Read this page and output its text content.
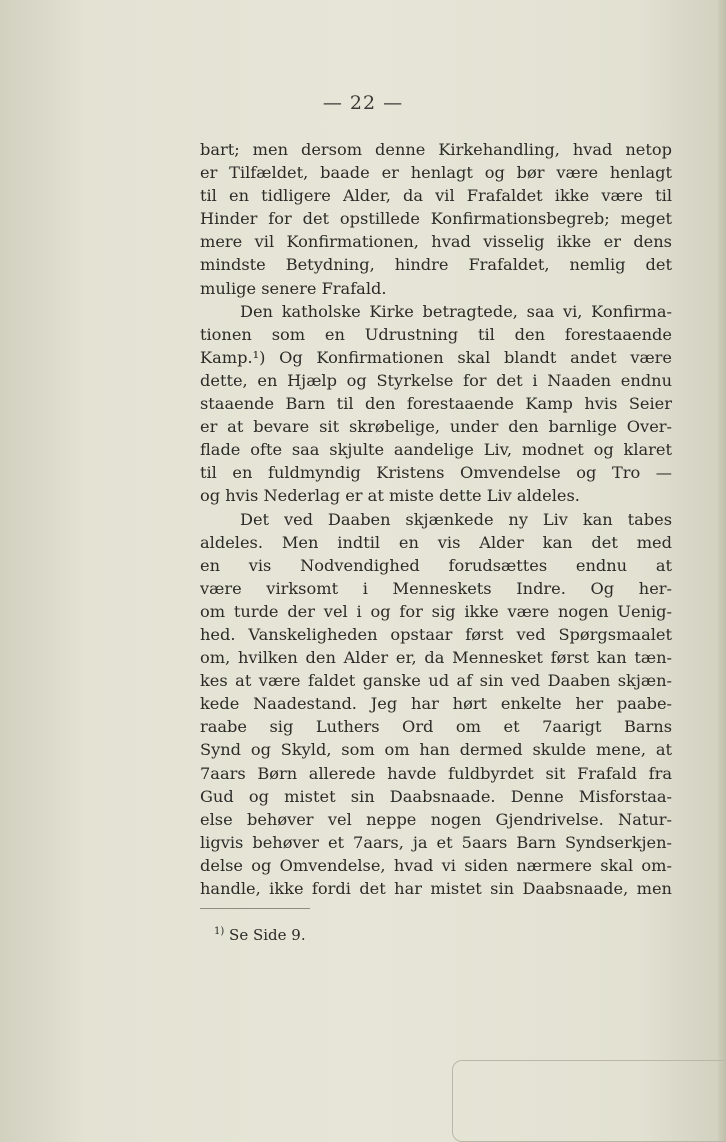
— 22 —
bart; men dersom denne Kirkehandling, hvad netop
er Tilfældet, baade er henlagt og bør være henlagt
til en tidligere Alder, da vil Frafaldet ikke være til
Hinder for det opstillede Konfirmationsbegreb; meget
mere vil Konfirmationen, hvad visselig ikke er dens
mindste Betydning, hindre Frafaldet, nemlig det
mulige senere Frafald.
Den katholske Kirke betragtede, saa vi, Konfirma-
tionen som en Udrustning til den forestaaende
Kamp.¹) Og Konfirmationen skal blandt andet være
dette, en Hjælp og Styrkelse for det i Naaden endnu
staaende Barn til den forestaaende Kamp hvis Seier
er at bevare sit skrøbelige, under den barnlige Over-
flade ofte saa skjulte aandelige Liv, modnet og klaret
til en fuldmyndig Kristens Omvendelse og Tro —
og hvis Nederlag er at miste dette Liv aldeles.
Det ved Daaben skjænkede ny Liv kan tabes
aldeles. Men indtil en vis Alder kan det med
en vis Nodvendighed forudsættes endnu at
være virksomt i Menneskets Indre. Og her-
om turde der vel i og for sig ikke være nogen Uenig-
hed. Vanskeligheden opstaar først ved Spørgsmaalet
om, hvilken den Alder er, da Mennesket først kan tæn-
kes at være faldet ganske ud af sin ved Daaben skjæn-
kede Naadestand. Jeg har hørt enkelte her paabe-
raabe sig Luthers Ord om et 7aarigt Barns
Synd og Skyld, som om han dermed skulde mene, at
7aars Børn allerede havde fuldbyrdet sit Frafald fra
Gud og mistet sin Daabsnaade. Denne Misforstaa-
else behøver vel neppe nogen Gjendrivelse. Natur-
ligvis behøver et 7aars, ja et 5aars Barn Syndserkjen-
delse og Omvendelse, hvad vi siden nærmere skal om-
handle, ikke fordi det har mistet sin Daabsnaade, men
$^{1)}$ Se Side 9.
